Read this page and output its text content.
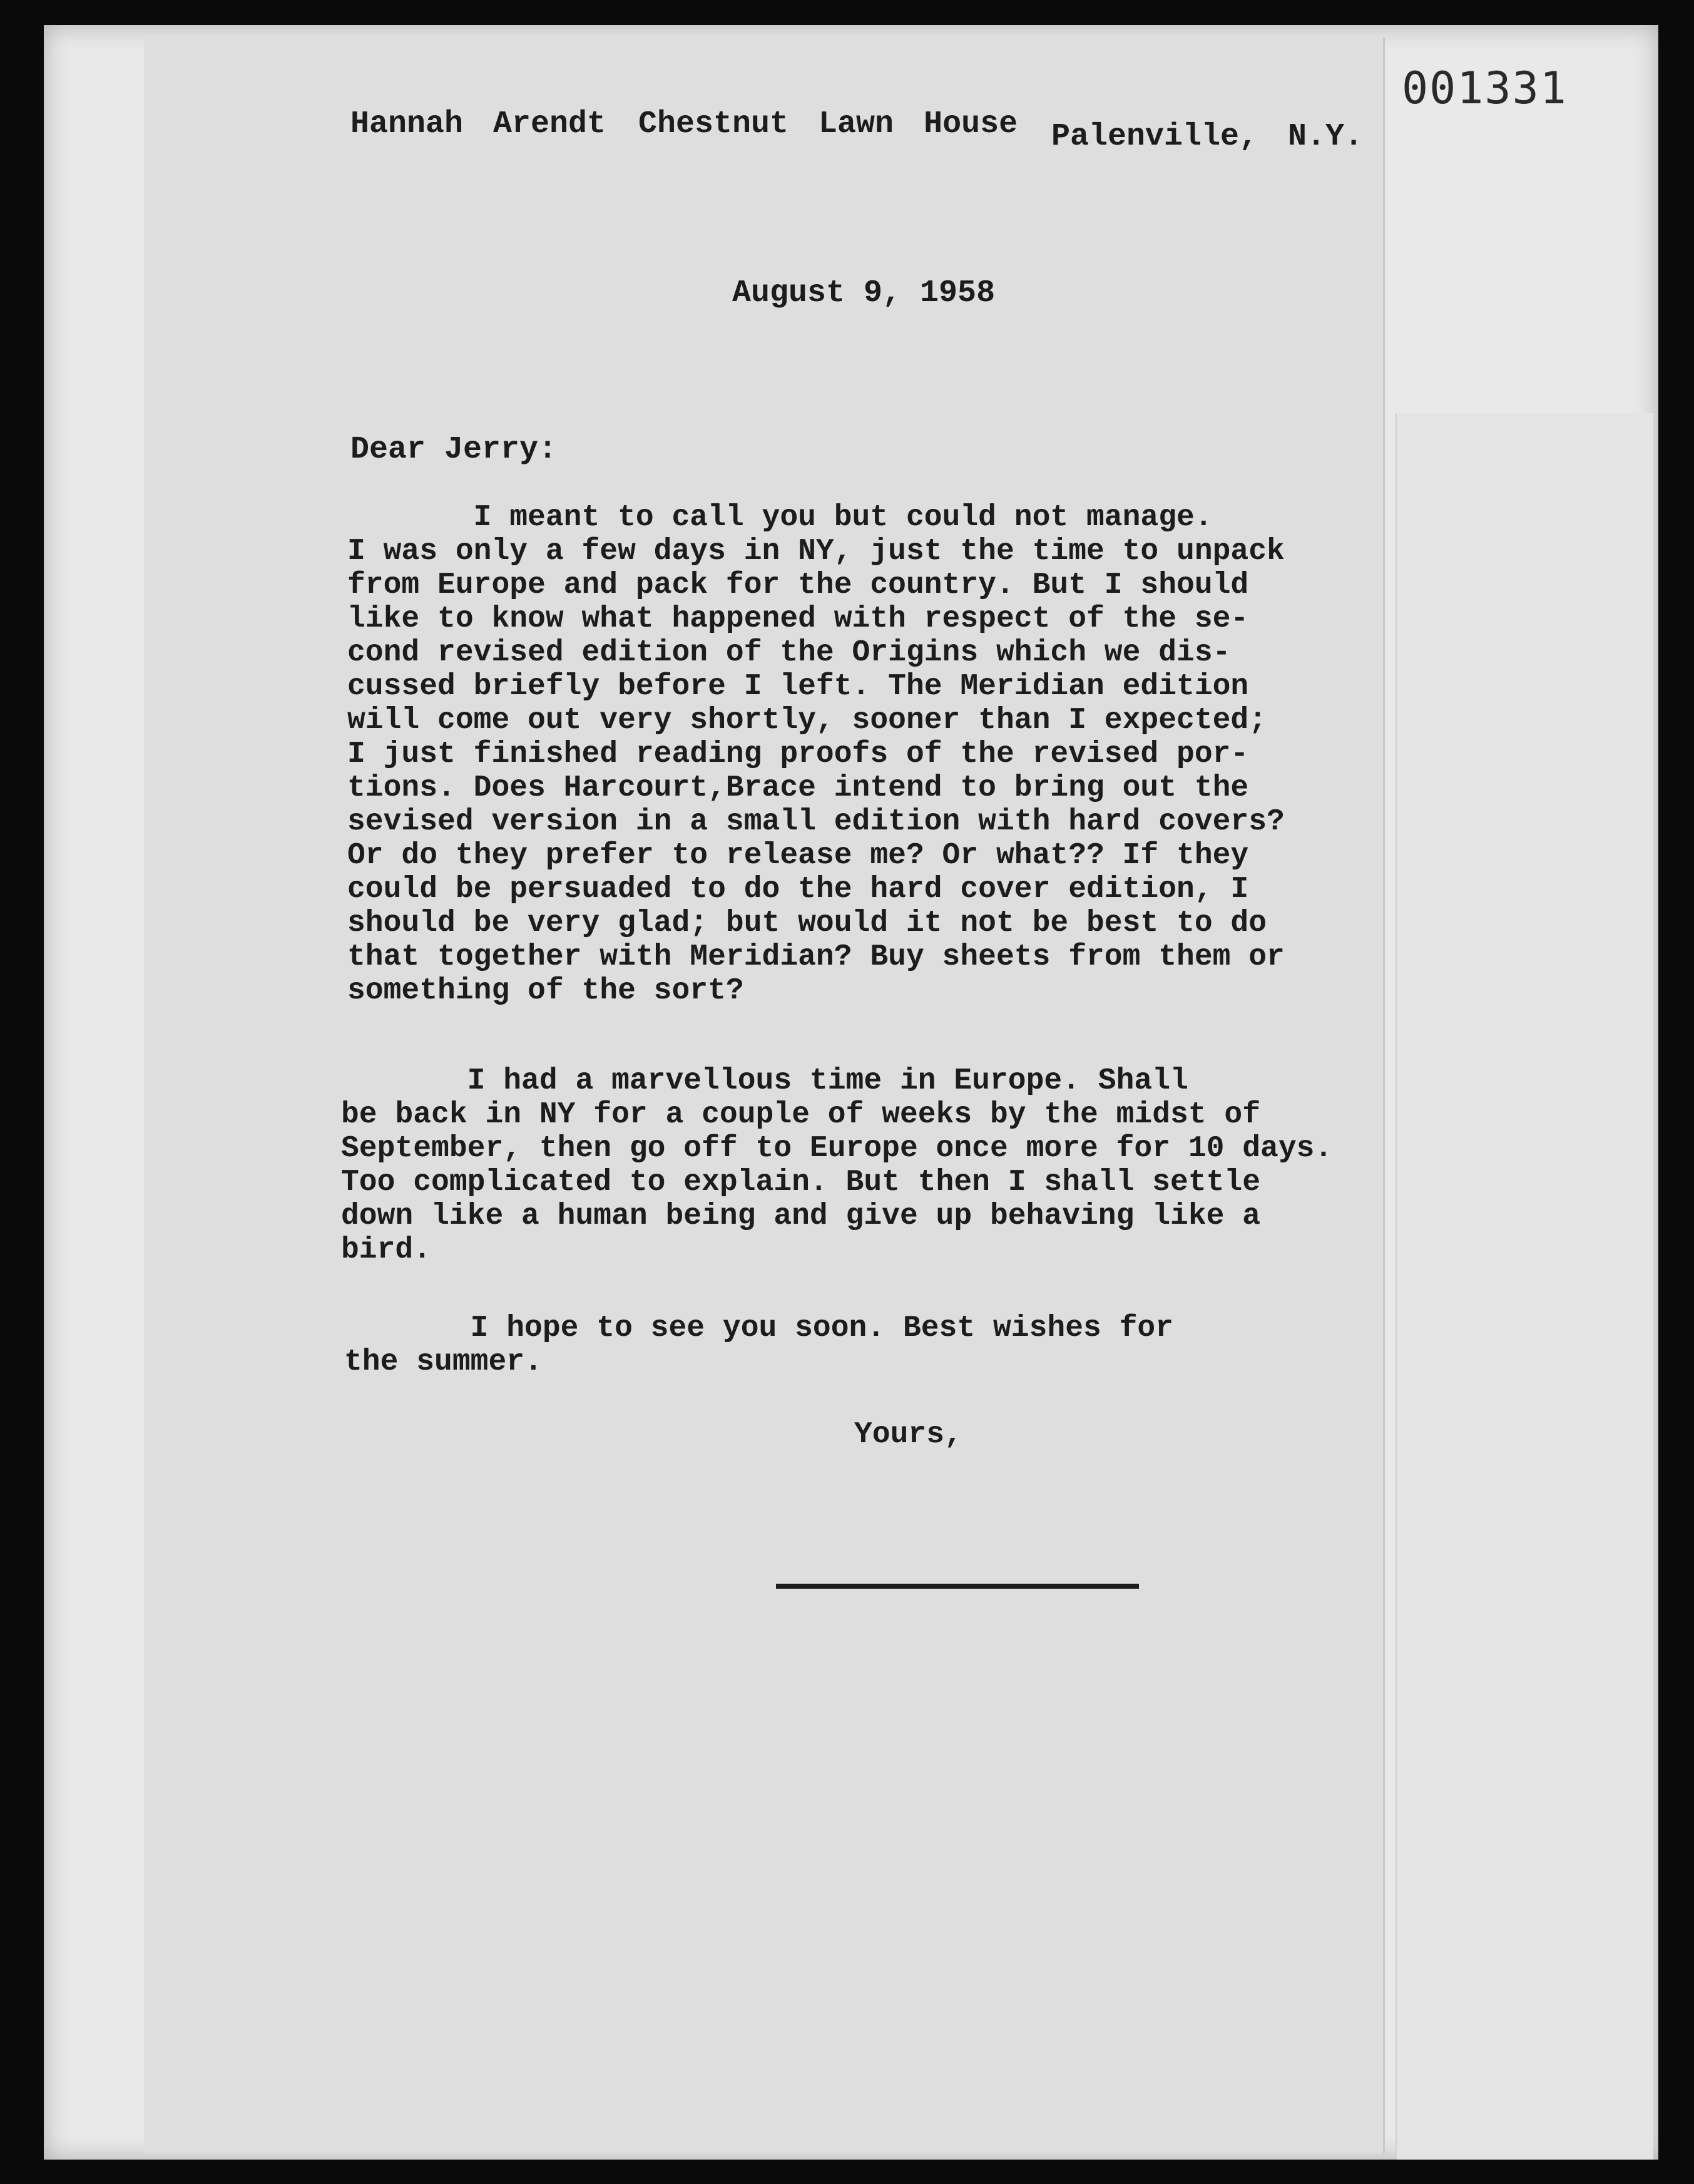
001331

Hannah Arendt

Chestnut Lawn House

Palenville, N.Y.

August 9, 1958
Dear Jerry:
I meant to call you but could not manage.
I was only a few days in NY, just the time to unpack
from Europe and pack for the country. But I should
like to know what happened with respect of the se-
cond revised edition of the Origins which we dis-
cussed briefly before I left. The Meridian edition
will come out very shortly, sooner than I expected;
I just finished reading proofs of the revised por-
tions. Does Harcourt,Brace intend to bring out the
sevised version in a small edition with hard covers?
Or do they prefer to release me? Or what?? If they
could be persuaded to do the hard cover edition, I
should be very glad; but would it not be best to do
that together with Meridian? Buy sheets from them or
something of the sort?
I had a marvellous time in Europe. Shall
be back in NY for a couple of weeks by the midst of
September, then go off to Europe once more for 10 days.
Too complicated to explain. But then I shall settle
down like a human being and give up behaving like a
bird.
I hope to see you soon. Best wishes for
the summer.
Yours,
